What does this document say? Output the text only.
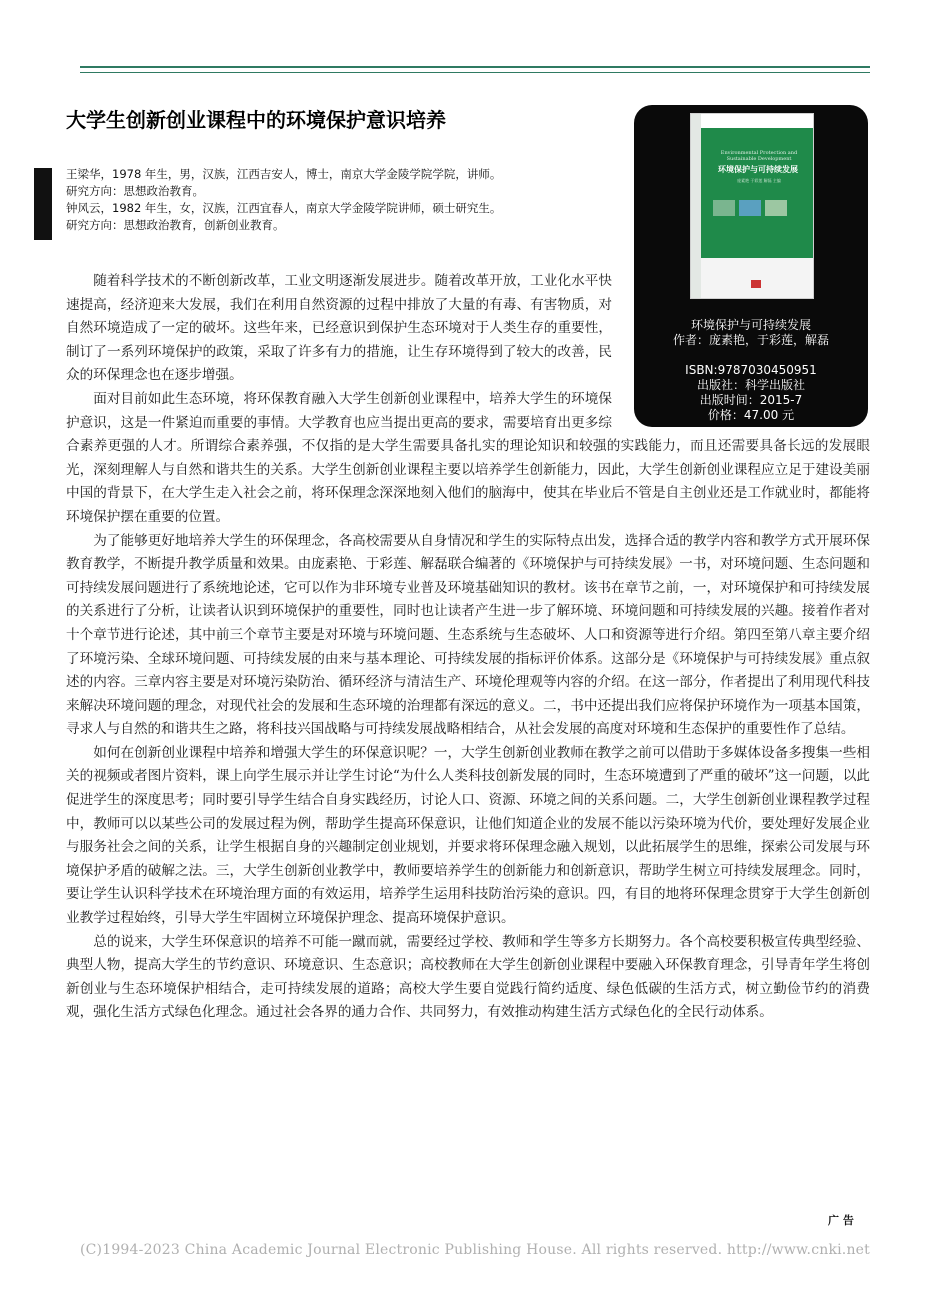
大学生创新创业课程中的环境保护意识培养
王梁华，1978 年生，男，汉族，江西吉安人，博士，南京大学金陵学院学院，讲师。
研究方向：思想政治教育。
钟风云，1982 年生，女，汉族，江西宜春人，南京大学金陵学院讲师，硕士研究生。
研究方向：思想政治教育，创新创业教育。
Environmental Protection and Sustainable Development
环境保护与可持续发展
庞素艳 于彩莲 解磊 主编
环境保护与可持续发展
作者：庞素艳，于彩莲，解磊
ISBN:9787030450951
出版社：科学出版社
出版时间：2015-7
价格：47.00 元

随着科学技术的不断创新改革，工业文明逐渐发展进步。随着改革开放，工业化水平快速提高，经济迎来大发展，我们在利用自然资源的过程中排放了大量的有毒、有害物质，对自然环境造成了一定的破坏。这些年来，已经意识到保护生态环境对于人类生存的重要性，制订了一系列环境保护的政策，采取了许多有力的措施，让生存环境得到了较大的改善，民众的环保理念也在逐步增强。

面对目前如此生态环境，将环保教育融入大学生创新创业课程中，培养大学生的环境保护意识，这是一件紧迫而重要的事情。大学教育也应当提出更高的要求，需要培育出更多综合素养更强的人才。所谓综合素养强，不仅指的是大学生需要具备扎实的理论知识和较强的实践能力，而且还需要具备长远的发展眼光，深刻理解人与自然和谐共生的关系。大学生创新创业课程主要以培养学生创新能力，因此，大学生创新创业课程应立足于建设美丽中国的背景下，在大学生走入社会之前，将环保理念深深地刻入他们的脑海中，使其在毕业后不管是自主创业还是工作就业时，都能将环境保护摆在重要的位置。

为了能够更好地培养大学生的环保理念，各高校需要从自身情况和学生的实际特点出发，选择合适的教学内容和教学方式开展环保教育教学，不断提升教学质量和效果。由庞素艳、于彩莲、解磊联合编著的《环境保护与可持续发展》一书，对环境问题、生态问题和可持续发展问题进行了系统地论述，它可以作为非环境专业普及环境基础知识的教材。该书在章节之前，一，对环境保护和可持续发展的关系进行了分析，让读者认识到环境保护的重要性，同时也让读者产生进一步了解环境、环境问题和可持续发展的兴趣。接着作者对十个章节进行论述，其中前三个章节主要是对环境与环境问题、生态系统与生态破坏、人口和资源等进行介绍。第四至第八章主要介绍了环境污染、全球环境问题、可持续发展的由来与基本理论、可持续发展的指标评价体系。这部分是《环境保护与可持续发展》重点叙述的内容。三章内容主要是对环境污染防治、循环经济与清洁生产、环境伦理观等内容的介绍。在这一部分，作者提出了利用现代科技来解决环境问题的理念，对现代社会的发展和生态环境的治理都有深远的意义。二，书中还提出我们应将保护环境作为一项基本国策，寻求人与自然的和谐共生之路，将科技兴国战略与可持续发展战略相结合，从社会发展的高度对环境和生态保护的重要性作了总结。

如何在创新创业课程中培养和增强大学生的环保意识呢？一，大学生创新创业教师在教学之前可以借助于多媒体设备多搜集一些相关的视频或者图片资料，课上向学生展示并让学生讨论“为什么人类科技创新发展的同时，生态环境遭到了严重的破坏”这一问题，以此促进学生的深度思考；同时要引导学生结合自身实践经历，讨论人口、资源、环境之间的关系问题。二，大学生创新创业课程教学过程中，教师可以以某些公司的发展过程为例，帮助学生提高环保意识，让他们知道企业的发展不能以污染环境为代价，要处理好发展企业与服务社会之间的关系，让学生根据自身的兴趣制定创业规划，并要求将环保理念融入规划，以此拓展学生的思维，探索公司发展与环境保护矛盾的破解之法。三，大学生创新创业教学中，教师要培养学生的创新能力和创新意识，帮助学生树立可持续发展理念。同时，要让学生认识科学技术在环境治理方面的有效运用，培养学生运用科技防治污染的意识。四，有目的地将环保理念贯穿于大学生创新创业教学过程始终，引导大学生牢固树立环境保护理念、提高环境保护意识。

总的说来，大学生环保意识的培养不可能一蹴而就，需要经过学校、教师和学生等多方长期努力。各个高校要积极宣传典型经验、典型人物，提高大学生的节约意识、环境意识、生态意识；高校教师在大学生创新创业课程中要融入环保教育理念，引导青年学生将创新创业与生态环境保护相结合，走可持续发展的道路；高校大学生要自觉践行简约适度、绿色低碳的生活方式，树立勤俭节约的消费观，强化生活方式绿色化理念。通过社会各界的通力合作、共同努力，有效推动构建生活方式绿色化的全民行动体系。

广 告
(C)1994-2023 China Academic Journal Electronic Publishing House. All rights reserved. http://www.cnki.net
